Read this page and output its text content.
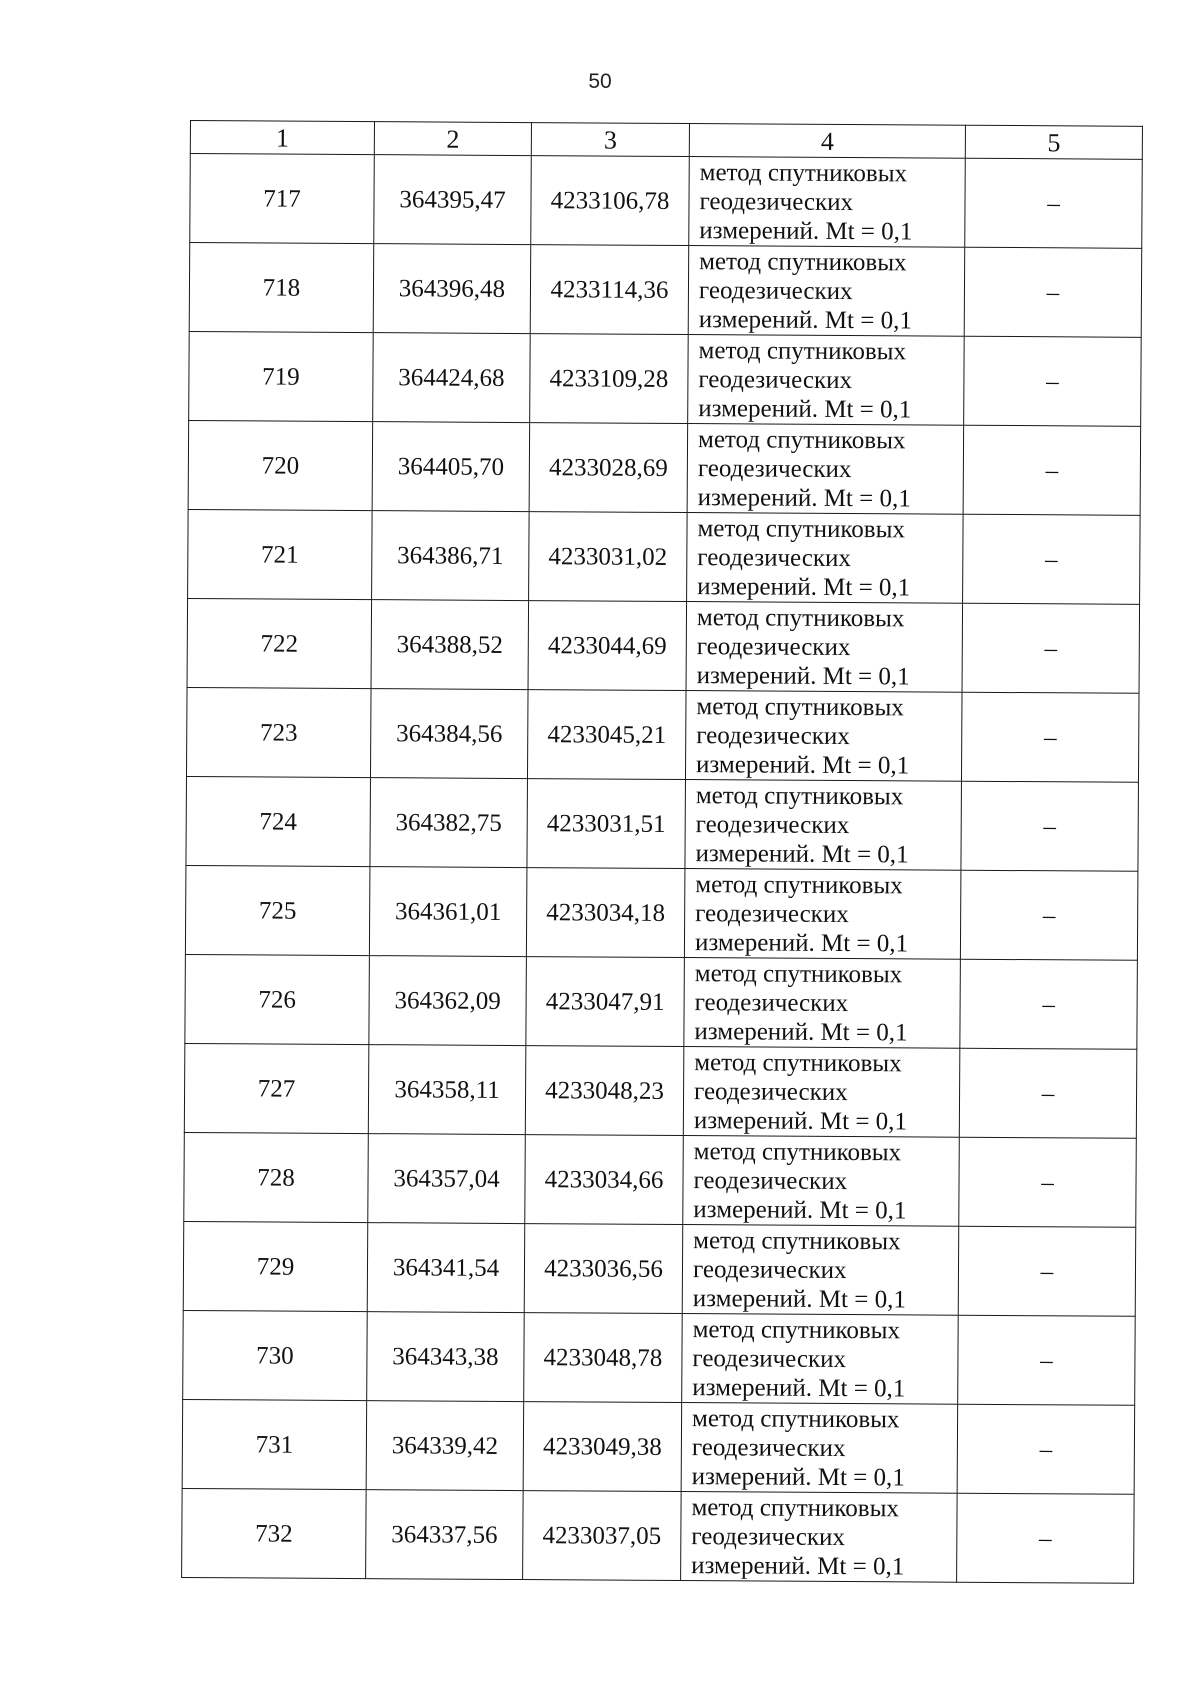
50
1	2	3	4	5
717	364395,47	4233106,78	метод спутниковых
геодезических
измерений. Mt = 0,1	–
718	364396,48	4233114,36	метод спутниковых
геодезических
измерений. Mt = 0,1	–
719	364424,68	4233109,28	метод спутниковых
геодезических
измерений. Mt = 0,1	–
720	364405,70	4233028,69	метод спутниковых
геодезических
измерений. Mt = 0,1	–
721	364386,71	4233031,02	метод спутниковых
геодезических
измерений. Mt = 0,1	–
722	364388,52	4233044,69	метод спутниковых
геодезических
измерений. Mt = 0,1	–
723	364384,56	4233045,21	метод спутниковых
геодезических
измерений. Mt = 0,1	–
724	364382,75	4233031,51	метод спутниковых
геодезических
измерений. Mt = 0,1	–
725	364361,01	4233034,18	метод спутниковых
геодезических
измерений. Mt = 0,1	–
726	364362,09	4233047,91	метод спутниковых
геодезических
измерений. Mt = 0,1	–
727	364358,11	4233048,23	метод спутниковых
геодезических
измерений. Mt = 0,1	–
728	364357,04	4233034,66	метод спутниковых
геодезических
измерений. Mt = 0,1	–
729	364341,54	4233036,56	метод спутниковых
геодезических
измерений. Mt = 0,1	–
730	364343,38	4233048,78	метод спутниковых
геодезических
измерений. Mt = 0,1	–
731	364339,42	4233049,38	метод спутниковых
геодезических
измерений. Mt = 0,1	–
732	364337,56	4233037,05	метод спутниковых
геодезических
измерений. Mt = 0,1	–
